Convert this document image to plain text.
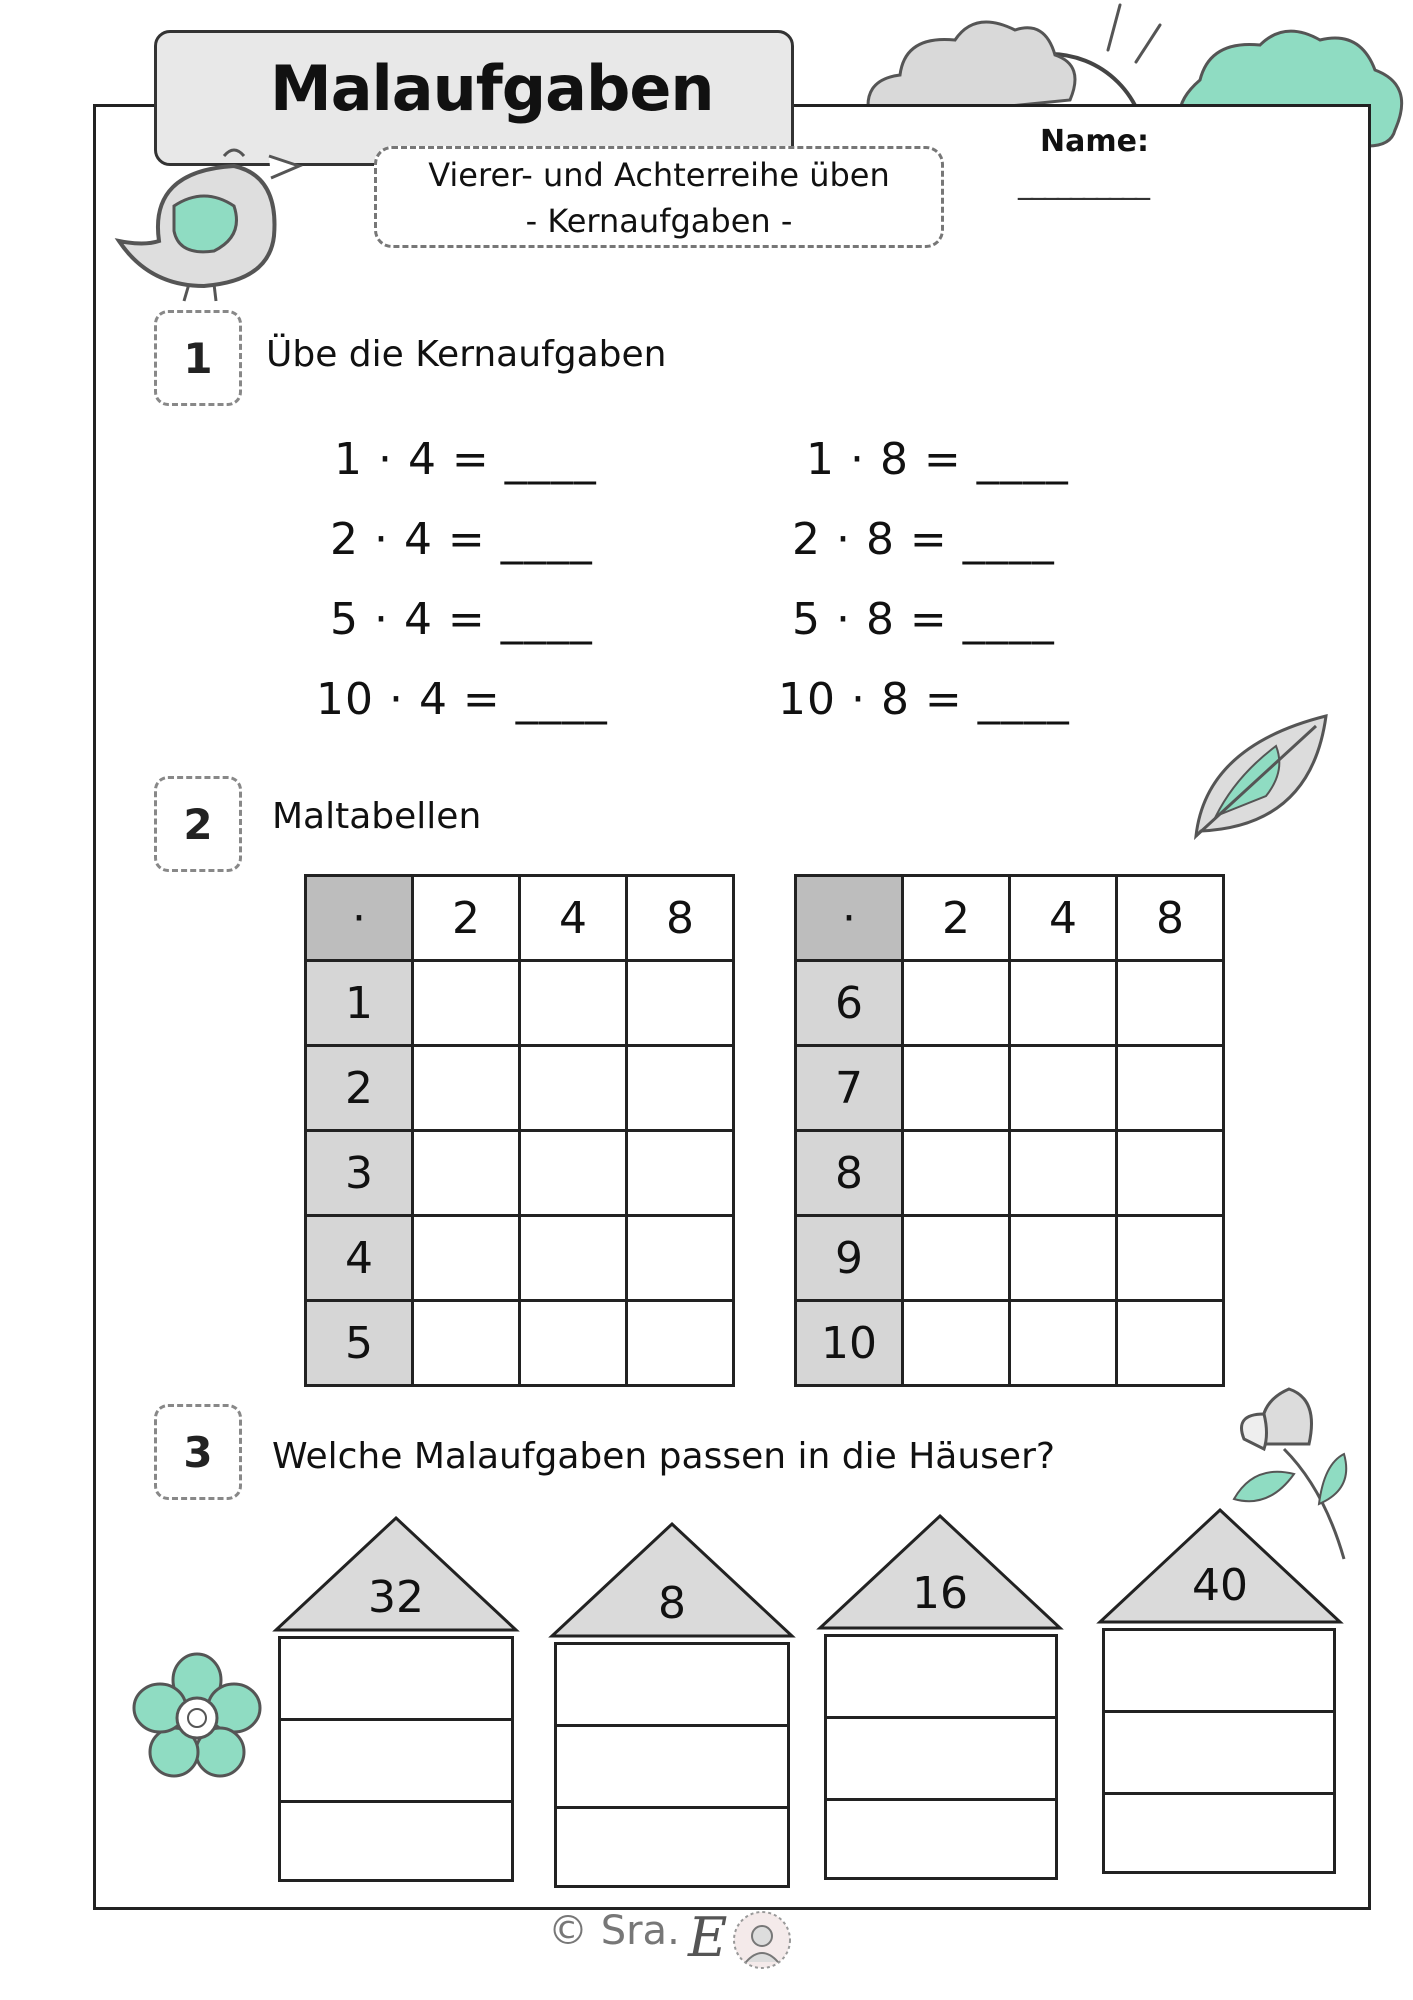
Malaufgaben
Vierer- und Achterreihe üben
- Kernaufgaben -
Name:
__________
1 Übe die Kernaufgaben
1 · 4 = ____
2 · 4 = ____
5 · 4 = ____
10 · 4 = ____
1 · 8 = ____
2 · 8 = ____
5 · 8 = ____
10 · 8 = ____
2 Maltabellen
·	2	4	8
1			
2			
3			
4			
5			
·	2	4	8
6			
7			
8			
9			
10			
3 Welche Malaufgaben passen in die Häuser?
32	8	16	40
© Sra. E
